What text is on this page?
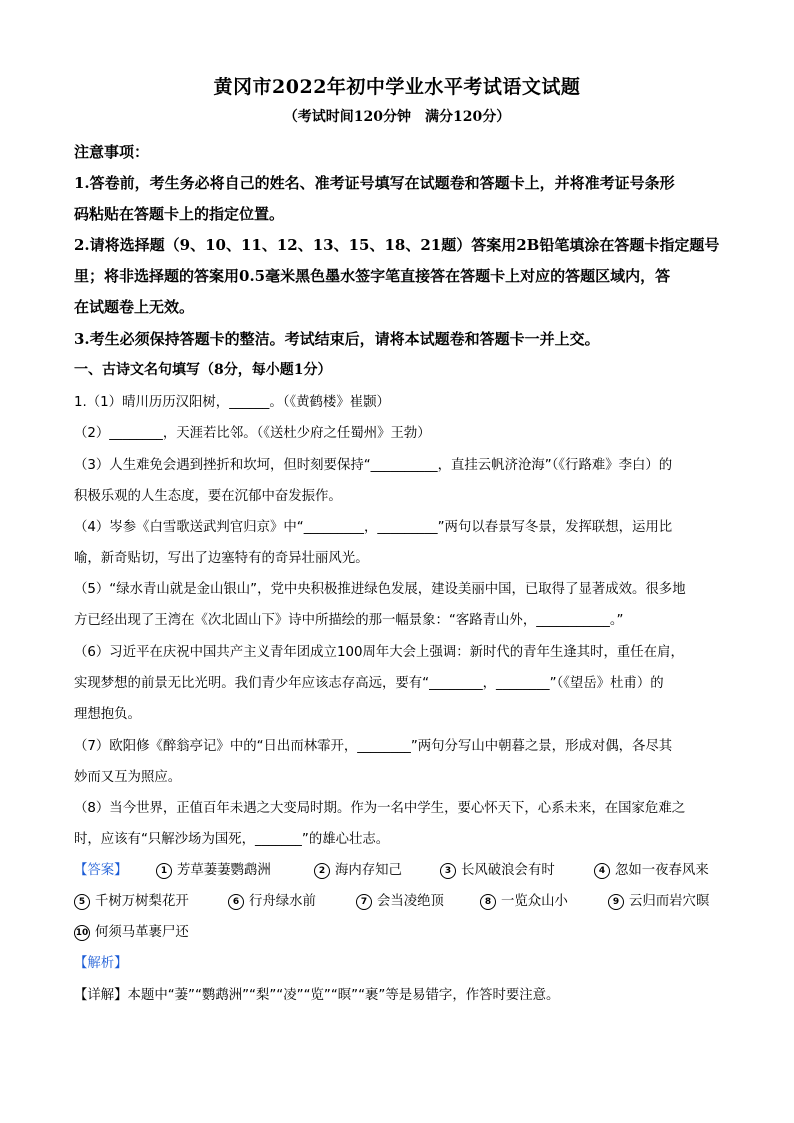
黄冈市2022年初中学业水平考试语文试题
（考试时间120分钟　满分120分）
注意事项：
1.答卷前，考生务必将自己的姓名、准考证号填写在试题卷和答题卡上，并将准考证号条形
码粘贴在答题卡上的指定位置。
2.请将选择题（9、10、11、12、13、15、18、21题）答案用2B铅笔填涂在答题卡指定题号
里；将非选择题的答案用0.5毫米黑色墨水签字笔直接答在答题卡上对应的答题区域内，答
在试题卷上无效。
3.考生必须保持答题卡的整洁。考试结束后，请将本试题卷和答题卡一并上交。
一、古诗文名句填写（8分，每小题1分）
1.（1）晴川历历汉阳树，______。（《黄鹤楼》崔颢）
（2）________，天涯若比邻。（《送杜少府之任蜀州》王勃）
（3）人生难免会遇到挫折和坎坷，但时刻要保持“__________，直挂云帆济沧海”（《行路难》李白）的
积极乐观的人生态度，要在沉郁中奋发振作。
（4）岑参《白雪歌送武判官归京》中“_________，_________”两句以春景写冬景，发挥联想，运用比
喻，新奇贴切，写出了边塞特有的奇异壮丽风光。
（5）“绿水青山就是金山银山”，党中央积极推进绿色发展，建设美丽中国，已取得了显著成效。很多地
方已经出现了王湾在《次北固山下》诗中所描绘的那一幅景象：“客路青山外，___________。”
（6）习近平在庆祝中国共产主义青年团成立100周年大会上强调：新时代的青年生逢其时，重任在肩，
实现梦想的前景无比光明。我们青少年应该志存高远，要有“________，________”（《望岳》杜甫）的
理想抱负。
（7）欧阳修《醉翁亭记》中的“日出而林霏开，________”两句分写山中朝暮之景，形成对偶，各尽其
妙而又互为照应。
（8）当今世界，正值百年未遇之大变局时期。作为一名中学生，要心怀天下，心系未来，在国家危难之
时，应该有“只解沙场为国死，_______”的雄心壮志。
【答案】	1 芳草萋萋鹦鹉洲	2 海内存知己	3 长风破浪会有时	4 忽如一夜春风来
5 千树万树梨花开	6 行舟绿水前	7 会当凌绝顶	8 一览众山小	9 云归而岩穴暝
10 何须马革裹尸还
【解析】
【详解】本题中“萋”“鹦鹉洲”“梨”“凌”“览”“暝”“裹”等是易错字，作答时要注意。
